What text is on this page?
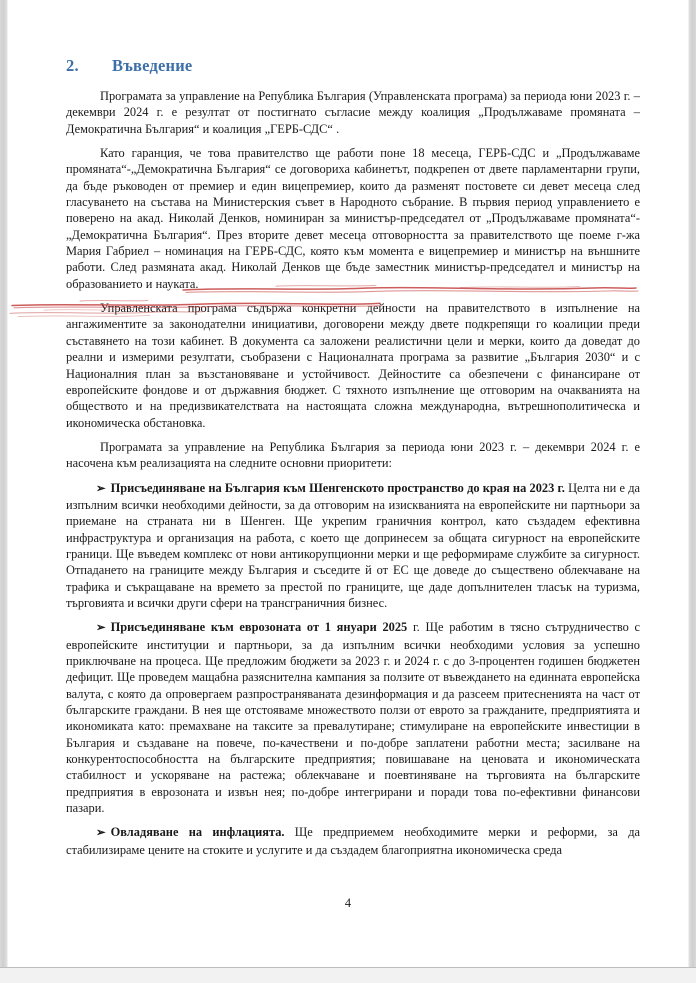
2.	Въведение

Програмата за управление на Република България (Управленската програма) за периода юни 2023 г. – декември 2024 г. е резултат от постигнато съгласие между коалиция „Продължаваме промяната – Демократична България“ и коалиция „ГЕРБ-СДС“ .

Като гаранция, че това правителство ще работи поне 18 месеца, ГЕРБ-СДС и „Продължаваме промяната“-„Демократична България“ се договориха кабинетът, подкрепен от двете парламентарни групи, да бъде ръководен от премиер и един вицепремиер, които да разменят постовете си девет месеца след гласуването на състава на Министерския съвет в Народното събрание. В първия период управлението е поверено на акад. Николай Денков, номиниран за министър-председател от „Продължаваме промяната“-„Демократична България“. През вторите девет месеца отговорността за правителството ще поеме г-жа Мария Габриел – номинация на ГЕРБ-СДС, която към момента е вицепремиер и министър на външните работи. След размяната акад. Николай Денков ще бъде заместник министър-председател и министър на образованието и науката.

Управленската програма съдържа конкретни дейности на правителството в изпълнение на ангажиментите за законодателни инициативи, договорени между двете подкрепящи го коалиции преди съставянето на този кабинет. В документа са заложени реалистични цели и мерки, които да доведат до реални и измерими резултати, съобразени с Националната програма за развитие „България 2030“ и с Националния план за възстановяване и устойчивост. Дейностите са обезпечени с финансиране от европейските фондове и от държавния бюджет. С тяхното изпълнение ще отговорим на очакванията на обществото и на предизвикателствата на настоящата сложна международна, вътрешнополитическа и икономическа обстановка.

Програмата за управление на Република България за периода юни 2023 г. – декември 2024 г. е насочена към реализацията на следните основни приоритети:

➢ Присъединяване на България към Шенгенското пространство до края на 2023 г. Целта ни е да изпълним всички необходими дейности, за да отговорим на изискванията на европейските ни партньори за приемане на страната ни в Шенген. Ще укрепим граничния контрол, като създадем ефективна инфраструктура и организация на работа, с което ще допринесем за общата сигурност на европейските граници. Ще въведем комплекс от нови антикорупционни мерки и ще реформираме службите за сигурност. Отпадането на границите между България и съседите й от ЕС ще доведе до съществено облекчаване на трафика и съкращаване на времето за престой по границите, ще даде допълнителен тласък на туризма, търговията и всички други сфери на трансграничния бизнес.

➢ Присъединяване към еврозоната от 1 януари 2025 г. Ще работим в тясно сътрудничество с европейските институции и партньори, за да изпълним всички необходими условия за успешно приключване на процеса. Ще предложим бюджети за 2023 г. и 2024 г. с до 3-процентен годишен бюджетен дефицит. Ще проведем мащабна разяснителна кампания за ползите от въвеждането на единната европейска валута, с която да опровергаем разпространяваната дезинформация и да разсеем притесненията на част от българските граждани. В нея ще отстояваме множеството ползи от еврото за гражданите, предприятията и икономиката като: премахване на таксите за превалутиране; стимулиране на европейските инвестиции в България и създаване на повече, по-качествени и по-добре заплатени работни места; засилване на конкурентоспособността на българските предприятия; повишаване на ценовата и икономическата стабилност и ускоряване на растежа; облекчаване и поевтиняване на търговията на българските предприятия в еврозоната и извън нея; по-добре интегрирани и поради това по-ефективни финансови пазари.

➢ Овладяване на инфлацията. Ще предприемем необходимите мерки и реформи, за да стабилизираме цените на стоките и услугите и да създадем благоприятна икономическа среда

4
